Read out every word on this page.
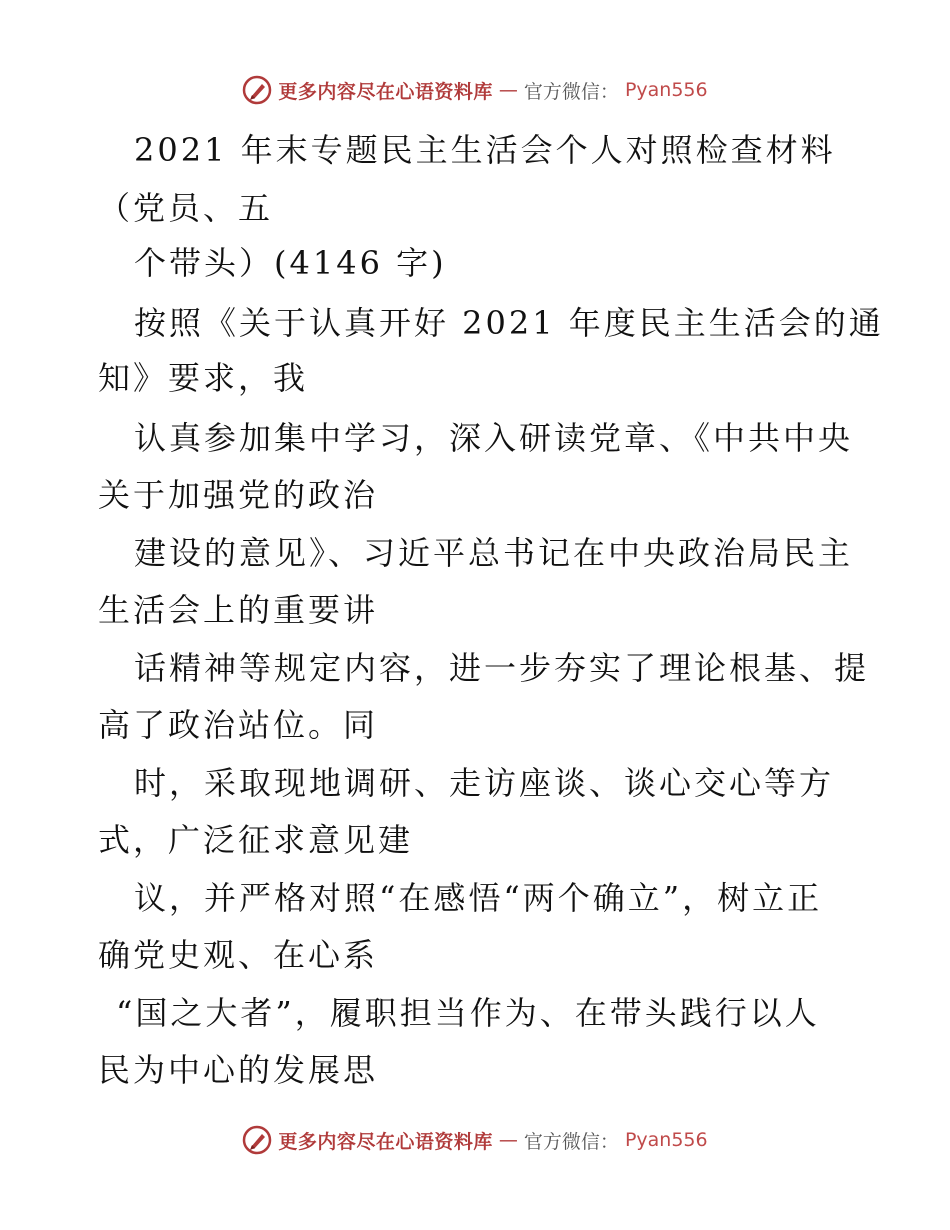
更多内容尽在心语资料库 — 官方微信： Pyan556
2021 年末专题民主生活会个人对照检查材料
（党员、五
个带头）(4146 字)
按照《关于认真开好 2021 年度民主生活会的通
知》要求，我
认真参加集中学习，深入研读党章、《中共中央
关于加强党的政治
建设的意见》、习近平总书记在中央政治局民主
生活会上的重要讲
话精神等规定内容，进一步夯实了理论根基、提
高了政治站位。同
时，采取现地调研、走访座谈、谈心交心等方
式，广泛征求意见建
议，并严格对照“在感悟“两个确立”，树立正
确党史观、在心系
“国之大者”，履职担当作为、在带头践行以人
民为中心的发展思
更多内容尽在心语资料库 — 官方微信： Pyan556
